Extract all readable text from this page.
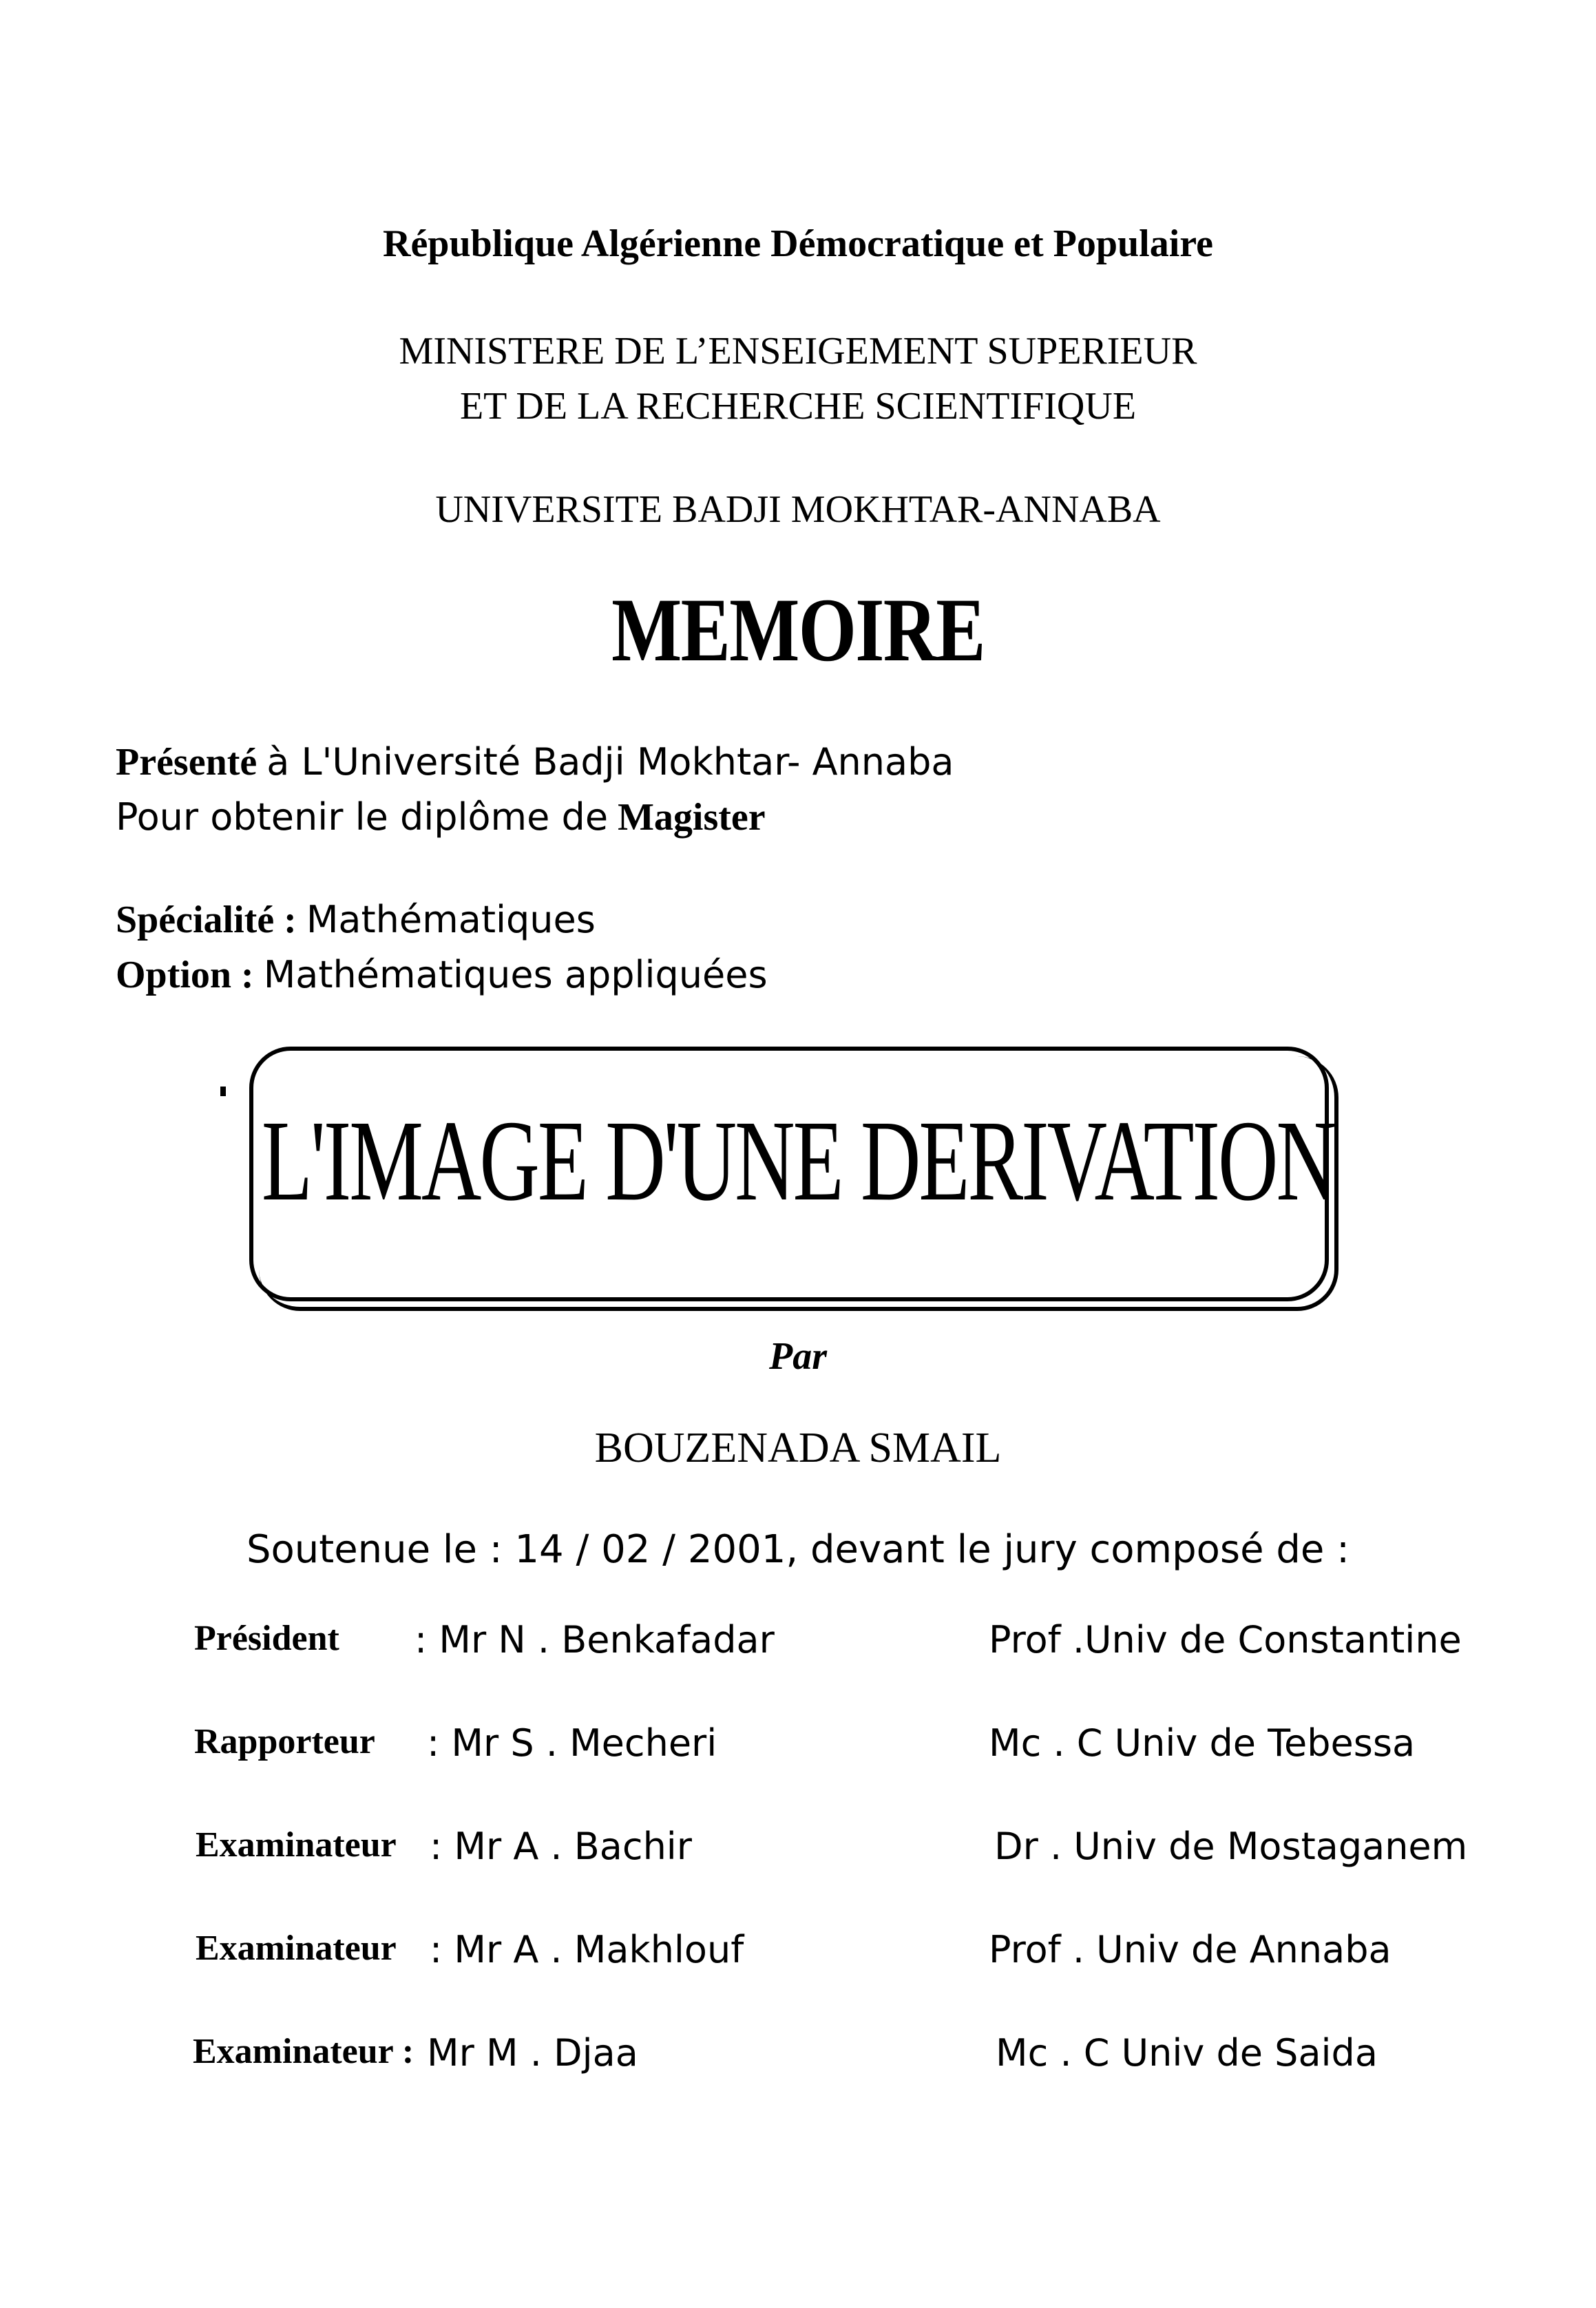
République Algérienne Démocratique et Populaire
MINISTERE DE L’ENSEIGEMENT SUPERIEUR
ET DE LA RECHERCHE SCIENTIFIQUE
UNIVERSITE BADJI MOKHTAR-ANNABA
MEMOIRE
Présenté à L'Université Badji Mokhtar- Annaba
Pour obtenir le diplôme de Magister
Spécialité : Mathématiques
Option : Mathématiques appliquées
L'IMAGE D'UNE DERIVATION
Par
BOUZENADA SMAIL
Soutenue le : 14 / 02 / 2001, devant le jury composé de :
Président : Mr N . Benkafadar	Prof .Univ de Constantine
Rapporteur : Mr S . Mecheri	Mc . C Univ de Tebessa
Examinateur : Mr A . Bachir	Dr . Univ de Mostaganem
Examinateur : Mr A . Makhlouf	Prof . Univ de Annaba
Examinateur : Mr M . Djaa	Mc . C Univ de Saida
